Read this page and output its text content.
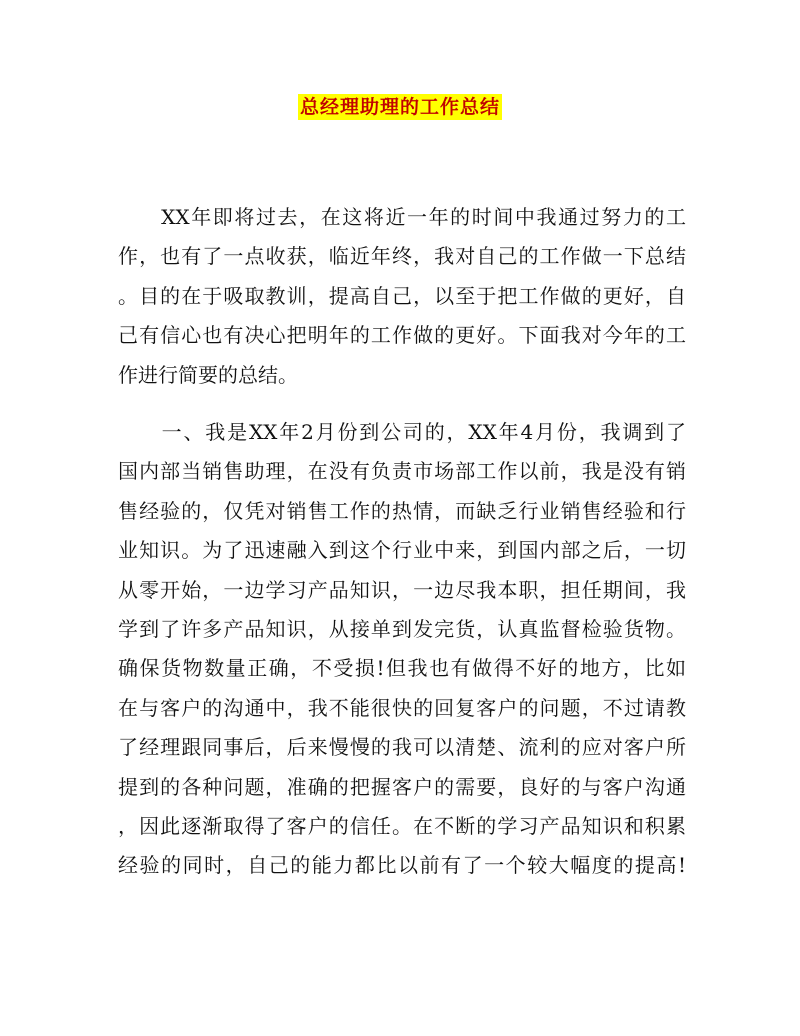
总经理助理的工作总结

　　XX年即将过去，在这将近一年的时间中我通过努力的工
作，也有了一点收获，临近年终，我对自己的工作做一下总结
。目的在于吸取教训，提高自己，以至于把工作做的更好，自
己有信心也有决心把明年的工作做的更好。下面我对今年的工
作进行简要的总结。

　　一、我是XX年2月份到公司的，XX年4月份，我调到了
国内部当销售助理，在没有负责市场部工作以前，我是没有销
售经验的，仅凭对销售工作的热情，而缺乏行业销售经验和行
业知识。为了迅速融入到这个行业中来，到国内部之后，一切
从零开始，一边学习产品知识，一边尽我本职，担任期间，我
学到了许多产品知识，从接单到发完货，认真监督检验货物。
确保货物数量正确，不受损!但我也有做得不好的地方，比如
在与客户的沟通中，我不能很快的回复客户的问题，不过请教
了经理跟同事后，后来慢慢的我可以清楚、流利的应对客户所
提到的各种问题，准确的把握客户的需要，良好的与客户沟通
，因此逐渐取得了客户的信任。在不断的学习产品知识和积累
经验的同时，自己的能力都比以前有了一个较大幅度的提高!
